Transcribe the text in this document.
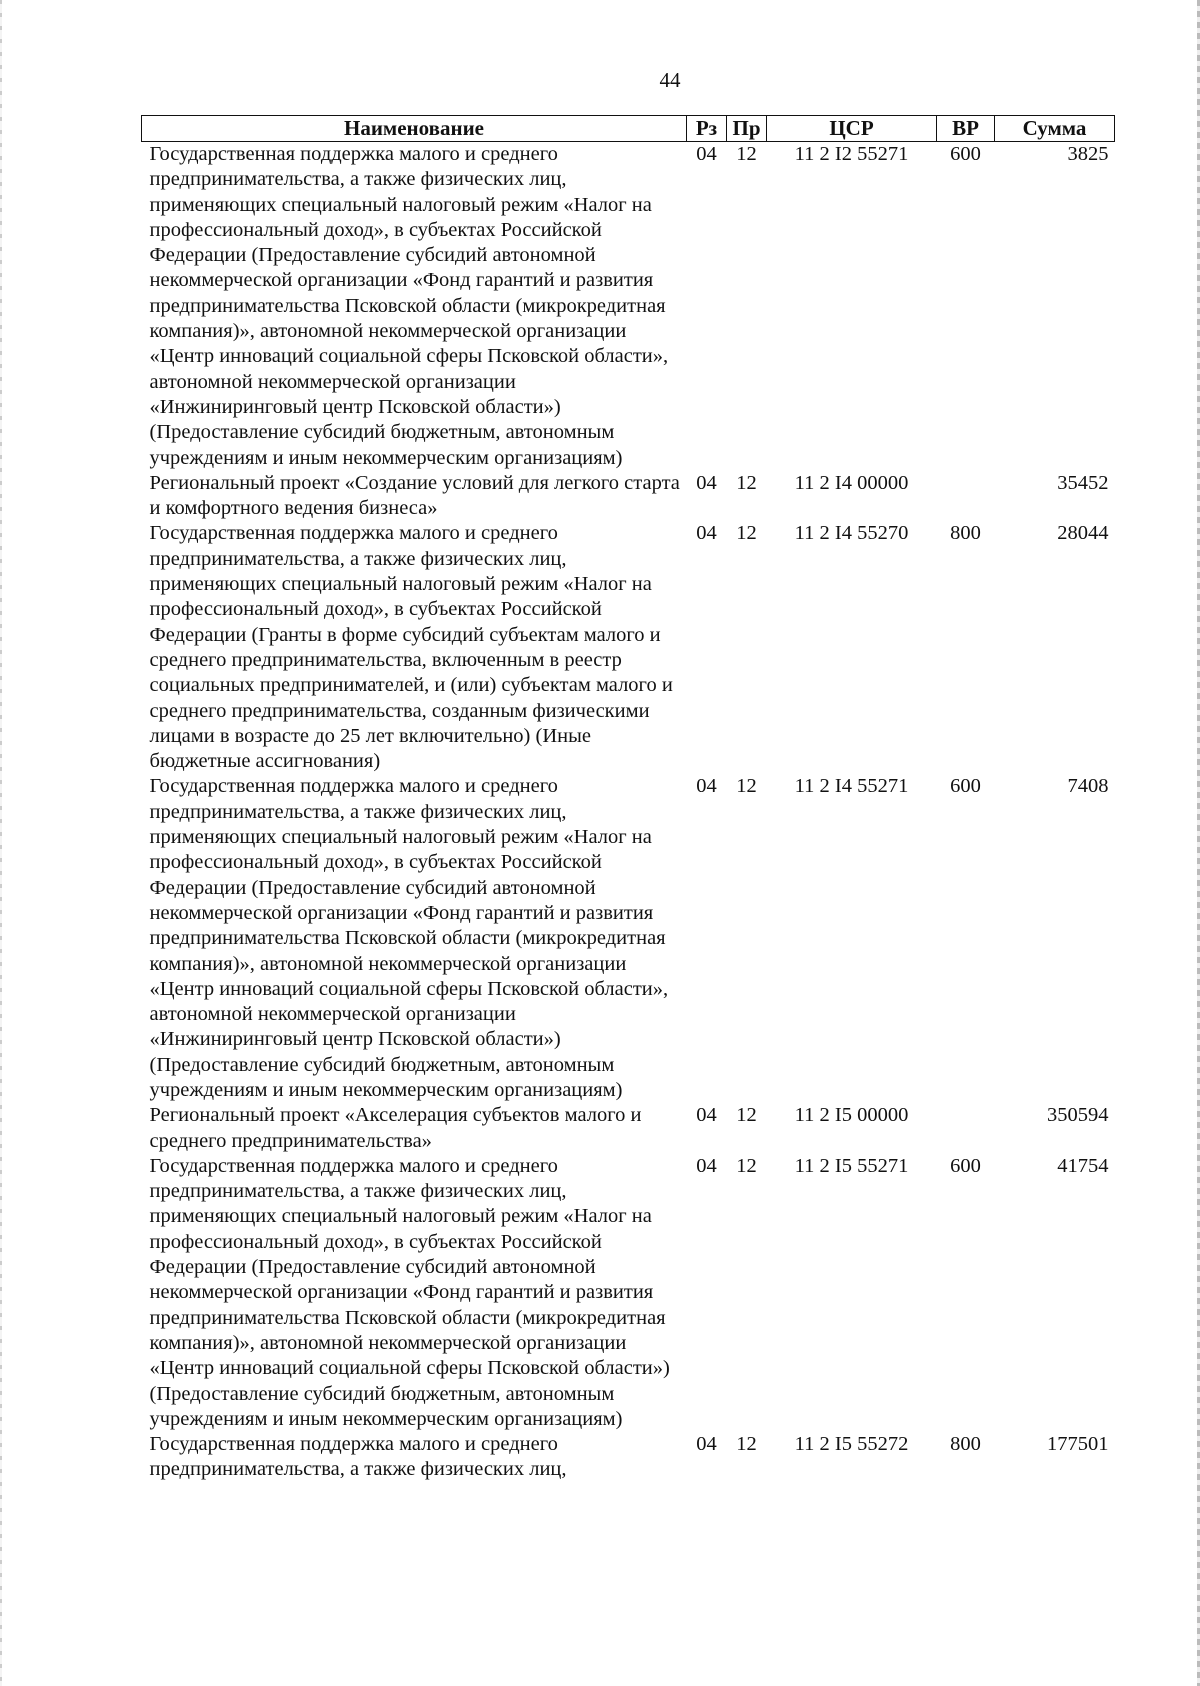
44
Наименование	Рз	Пр	ЦСР	ВР	Сумма
Государственная поддержка малого и среднего предпринимательства, а также физических лиц, применяющих специальный налоговый режим «Налог на профессиональный доход», в субъектах Российской Федерации (Предоставление субсидий автономной некоммерческой организации «Фонд гарантий и развития предпринимательства Псковской области (микрокредитная компания)», автономной некоммерческой организации «Центр инноваций социальной сферы Псковской области», автономной некоммерческой организации «Инжиниринговый центр Псковской области») (Предоставление субсидий бюджетным, автономным учреждениям и иным некоммерческим организациям)	04	12	11 2 I2 55271	600	3825
Региональный проект «Создание условий для легкого старта и комфортного ведения бизнеса»	04	12	11 2 I4 00000		35452
Государственная поддержка малого и среднего предпринимательства, а также физических лиц, применяющих специальный налоговый режим «Налог на профессиональный доход», в субъектах Российской Федерации (Гранты в форме субсидий субъектам малого и среднего предпринимательства, включенным в реестр социальных предпринимателей, и (или) субъектам малого и среднего предпринимательства, созданным физическими лицами в возрасте до 25 лет включительно) (Иные бюджетные ассигнования)	04	12	11 2 I4 55270	800	28044
Государственная поддержка малого и среднего предпринимательства, а также физических лиц, применяющих специальный налоговый режим «Налог на профессиональный доход», в субъектах Российской Федерации (Предоставление субсидий автономной некоммерческой организации «Фонд гарантий и развития предпринимательства Псковской области (микрокредитная компания)», автономной некоммерческой организации «Центр инноваций социальной сферы Псковской области», автономной некоммерческой организации «Инжиниринговый центр Псковской области») (Предоставление субсидий бюджетным, автономным учреждениям и иным некоммерческим организациям)	04	12	11 2 I4 55271	600	7408
Региональный проект «Акселерация субъектов малого и среднего предпринимательства»	04	12	11 2 I5 00000		350594
Государственная поддержка малого и среднего предпринимательства, а также физических лиц, применяющих специальный налоговый режим «Налог на профессиональный доход», в субъектах Российской Федерации (Предоставление субсидий автономной некоммерческой организации «Фонд гарантий и развития предпринимательства Псковской области (микрокредитная компания)», автономной некоммерческой организации «Центр инноваций социальной сферы Псковской области») (Предоставление субсидий бюджетным, автономным учреждениям и иным некоммерческим организациям)	04	12	11 2 I5 55271	600	41754
Государственная поддержка малого и среднего предпринимательства, а также физических лиц,	04	12	11 2 I5 55272	800	177501
